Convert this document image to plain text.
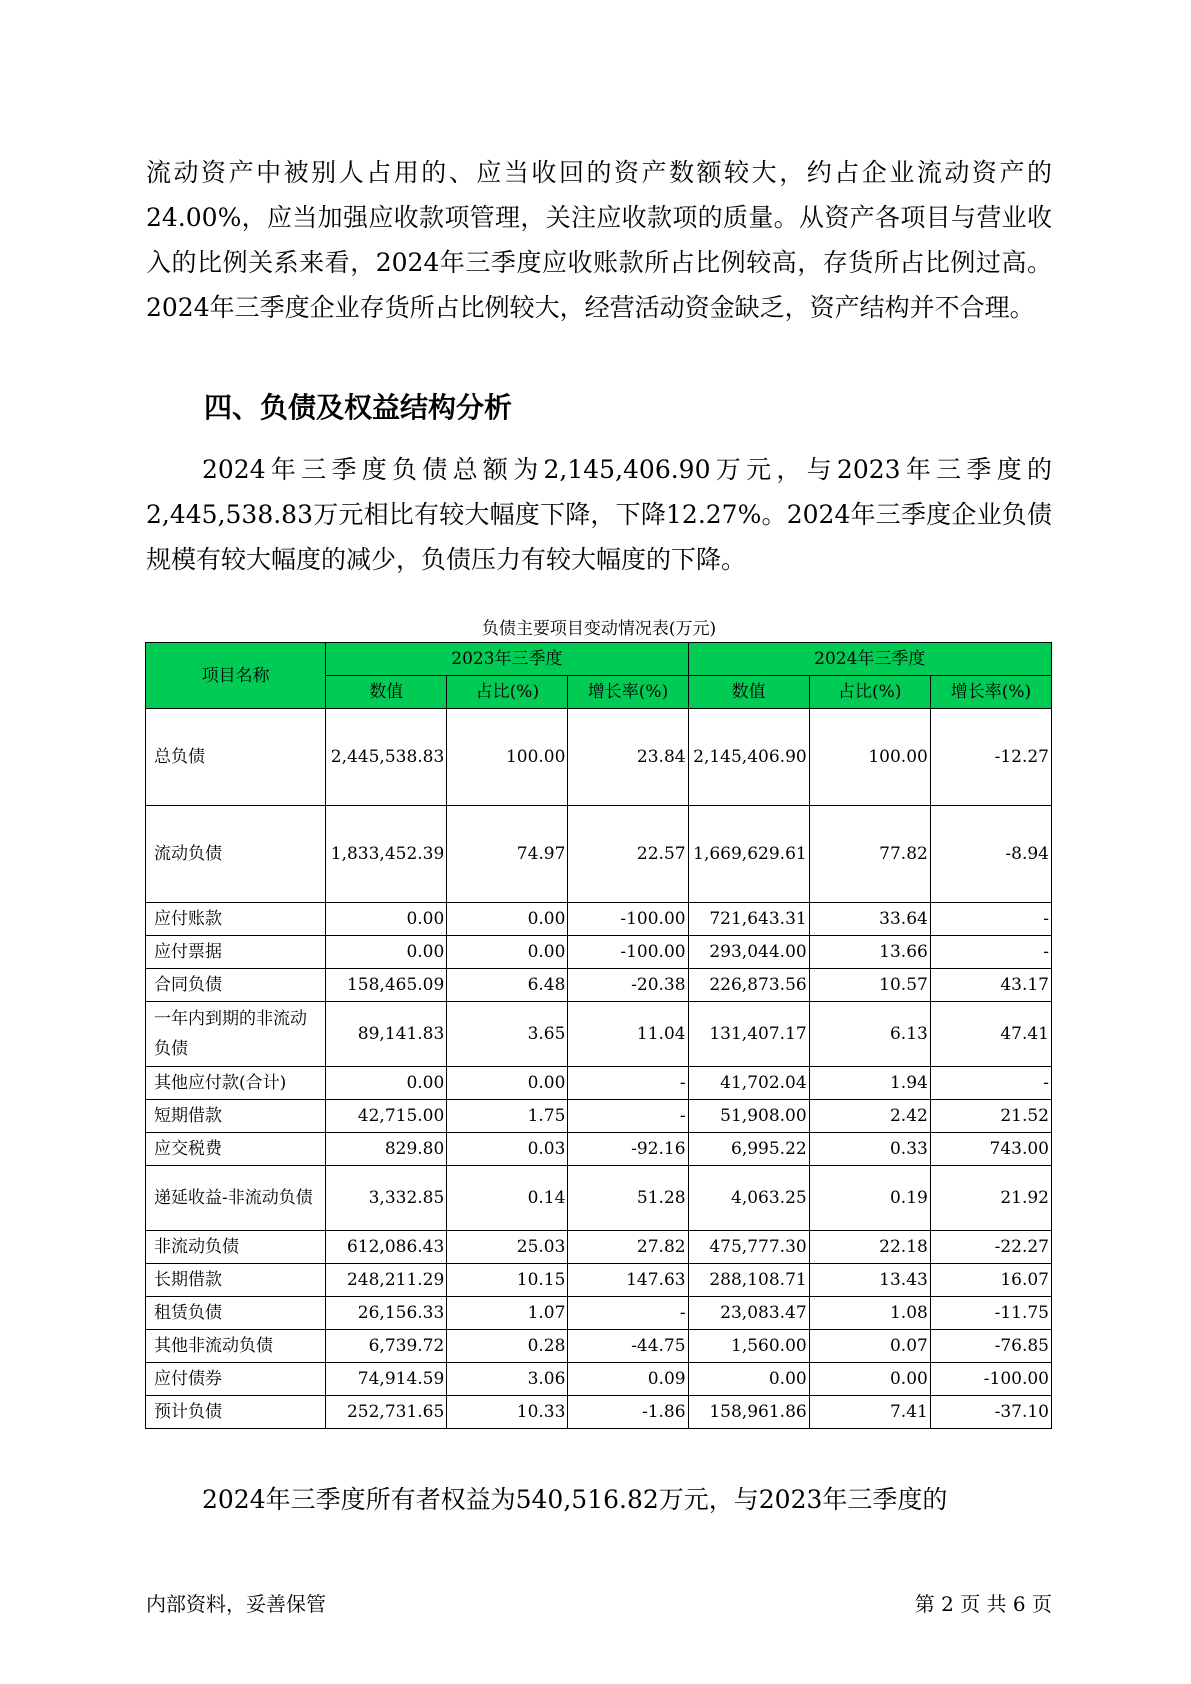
流动资产中被别人占用的、应当收回的资产数额较大，约占企业流动资产的24.00%，应当加强应收款项管理，关注应收款项的质量。从资产各项目与营业收入的比例关系来看，2024年三季度应收账款所占比例较高，存货所占比例过高。2024年三季度企业存货所占比例较大，经营活动资金缺乏，资产结构并不合理。

四、负债及权益结构分析

2024年三季度负债总额为2,145,406.90万元，与2023年三季度的2,445,538.83万元相比有较大幅度下降，下降12.27%。2024年三季度企业负债规模有较大幅度的减少，负债压力有较大幅度的下降。

负债主要项目变动情况表(万元)
项目名称	2023年三季度			2024年三季度		
	数值	占比(%)	增长率(%)	数值	占比(%)	增长率(%)
总负债	2,445,538.83	100.00	23.84	2,145,406.90	100.00	-12.27
流动负债	1,833,452.39	74.97	22.57	1,669,629.61	77.82	-8.94
应付账款	0.00	0.00	-100.00	721,643.31	33.64	-
应付票据	0.00	0.00	-100.00	293,044.00	13.66	-
合同负债	158,465.09	6.48	-20.38	226,873.56	10.57	43.17
一年内到期的非流动负债	89,141.83	3.65	11.04	131,407.17	6.13	47.41
其他应付款(合计)	0.00	0.00	-	41,702.04	1.94	-
短期借款	42,715.00	1.75	-	51,908.00	2.42	21.52
应交税费	829.80	0.03	-92.16	6,995.22	0.33	743.00
递延收益-非流动负债	3,332.85	0.14	51.28	4,063.25	0.19	21.92
非流动负债	612,086.43	25.03	27.82	475,777.30	22.18	-22.27
长期借款	248,211.29	10.15	147.63	288,108.71	13.43	16.07
租赁负债	26,156.33	1.07	-	23,083.47	1.08	-11.75
其他非流动负债	6,739.72	0.28	-44.75	1,560.00	0.07	-76.85
应付债券	74,914.59	3.06	0.09	0.00	0.00	-100.00
预计负债	252,731.65	10.33	-1.86	158,961.86	7.41	-37.10

2024年三季度所有者权益为540,516.82万元，与2023年三季度的

内部资料，妥善保管	第 2 页 共 6 页
